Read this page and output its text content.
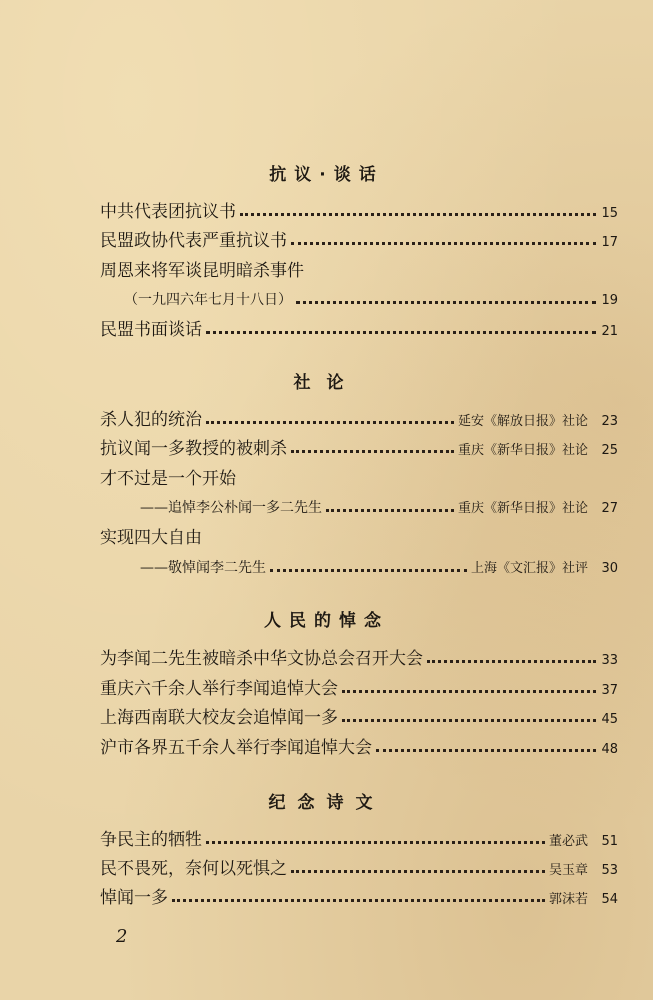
抗议·谈话
中共代表团抗议书	15
民盟政协代表严重抗议书	17
周恩来将军谈昆明暗杀事件
（一九四六年七月十八日）	19
民盟书面谈话	21
社论
杀人犯的统治	延安《解放日报》社论 23
抗议闻一多教授的被刺杀	重庆《新华日报》社论 25
才不过是一个开始
——追悼李公朴闻一多二先生	重庆《新华日报》社论 27
实现四大自由
——敬悼闻李二先生	上海《文汇报》社评 30
人民的悼念
为李闻二先生被暗杀中华文协总会召开大会	33
重庆六千余人举行李闻追悼大会	37
上海西南联大校友会追悼闻一多	45
沪市各界五千余人举行李闻追悼大会	48
纪念诗文
争民主的牺牲	董必武 51
民不畏死，奈何以死惧之	吴玉章 53
悼闻一多	郭沫若 54
2
